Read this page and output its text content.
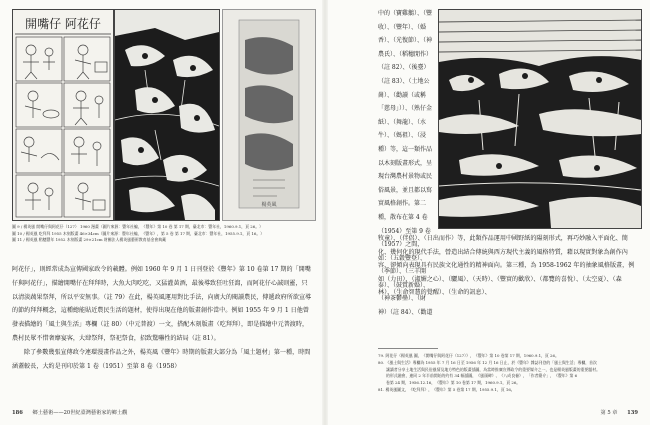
開嘴仔 阿花仔
楊英風
圖 9 / 楊英風 開嘴仔與阿花仔（127） 1960 漫畫（圖片來源：豐年社編，《豐年》第 10 卷 第 17 期，臺北市：豐年社，1960.9.1，頁 26。）
圖 10 / 楊英風 吃拜拜 1955 木刻版畫 46×34cm（圖片來源：豐年社編，《豐年》，第 5 卷 第 17 期，臺北市：豐年社，1955.9.1，頁 16。）
圖 11 / 楊英風 稻穗豐年 1952 木刻版畫 29×21cm 財團法人楊英風藝術教育基金會典藏

阿花仔」，則經常成為宣傳國家政令的載體。例如 1960 年 9 月 1 日刊登於《豐年》第 10 卷第 17 期的「開嘴仔與阿花仔」，描繪開嘴仔在拜拜時，大魚大肉吃吃，又猛灌黃酒，最後導致狂吐狂瀉，而阿花仔心誠則靈，只以清淡蔬果祭拜，所以平安無事。（註 79）在此，楊英風運用對比手法，向廣大的閱讀農民，傳遞政府所欲宣導的節約拜拜概念，這種總能貼近農民生活的題材，使得出現在他的版畫創作當中。例如 1955 年 9 月 1 日他曾發表描繪的「風土與生活」專欄（註 80）（中元普渡）一文，搭配木刻版畫（吃拜拜），即是描繪中元普渡時，農村民眾不惜奢靡宴客，大肆祭拜，祭祀祭食，招致驚嚇性的結局（註 81）。

除了參數幾張宣傳政令連環漫畫作品之外，楊英風《豐年》時期的版畫大部分為「風土題材」第一種，時間涵蓋較長，大約是刊印於第 1 卷（1951）至第 8 卷（1958）

186 鄉土藝術——20世紀臺灣藝術家的鄉土觀

中的（寶雞鵝）、（豐收）、（豐年）、（婚香）、（光復節）、（神農氏）、（稻穗閒作）（註 82）、（後臺）（註 83）、（土地公崗）、（勸讀（或稱「慈母」））、（熟仔金紙）、（舞龍）、（水牛）、（媽祖）、（浸種）等，這一類作品以木刻版畫形式，呈現台灣農村景物或民俗風景，並且都以寫實風格創作。第二種，散布在第 4 卷（1954）至第 9 卷（1957）之間，如：（五穀豐登）、（季節）、（三羊開泰）、（鼓賞新婚）、（神茶鬱壘）、（財神）（註 84）、（勸道

牧童）、（伴侶）、（日出而作）等，此類作品運用中國野紙的陽刻形式，再巧妙融入平面化、簡化、幾何化的現代手法，營造出結合傳統與西方現代主義的風格特質，藉以現實對象為創作內容，卻傾向表現具有民族文化通性的精神面向。第三種，為 1958-1962 年的抽象風格版畫，例如（力田）、（淑媚之心）、（驪風）、（天時）、（豐實的歡欣）、（都覽的喜悅）、（太空夏）、（森林）、（生命智慧的覺醒）、（生命的訊息）、

79. 阿花仔（楊英風 圖，《開嘴仔與阿花仔（127）》，《豐年》第 10 卷第 17 期，1960.9.1，頁 26。
80. 《風土與生活》專欄為 1955 年 7 月 16 日至 1956 年 12 月 16 日止，於《豐年》雜誌刊登的「風土與生活」專欄，首次
讓讀者分享土地生活與民俗風情及地方特色的版畫插圖，為當時推廣宣傳政令的重要媒介之一，也是楊英風版畫的重要題材。
的形式融會，連同 2 年半前開始的約有 34 幅插圖，《風頭碑》、《八成良養》，「作者簡介」，《豐年》第 6
卷第 24 期，1956.12.16，《豐年》第 10 卷第 17 期，1960.9.1，頁 26。
81. 楊英風圖文，《吃拜拜》，《豐年》第 5 卷第 17 期，1955.9.1，頁 16。
第 5 章 139
